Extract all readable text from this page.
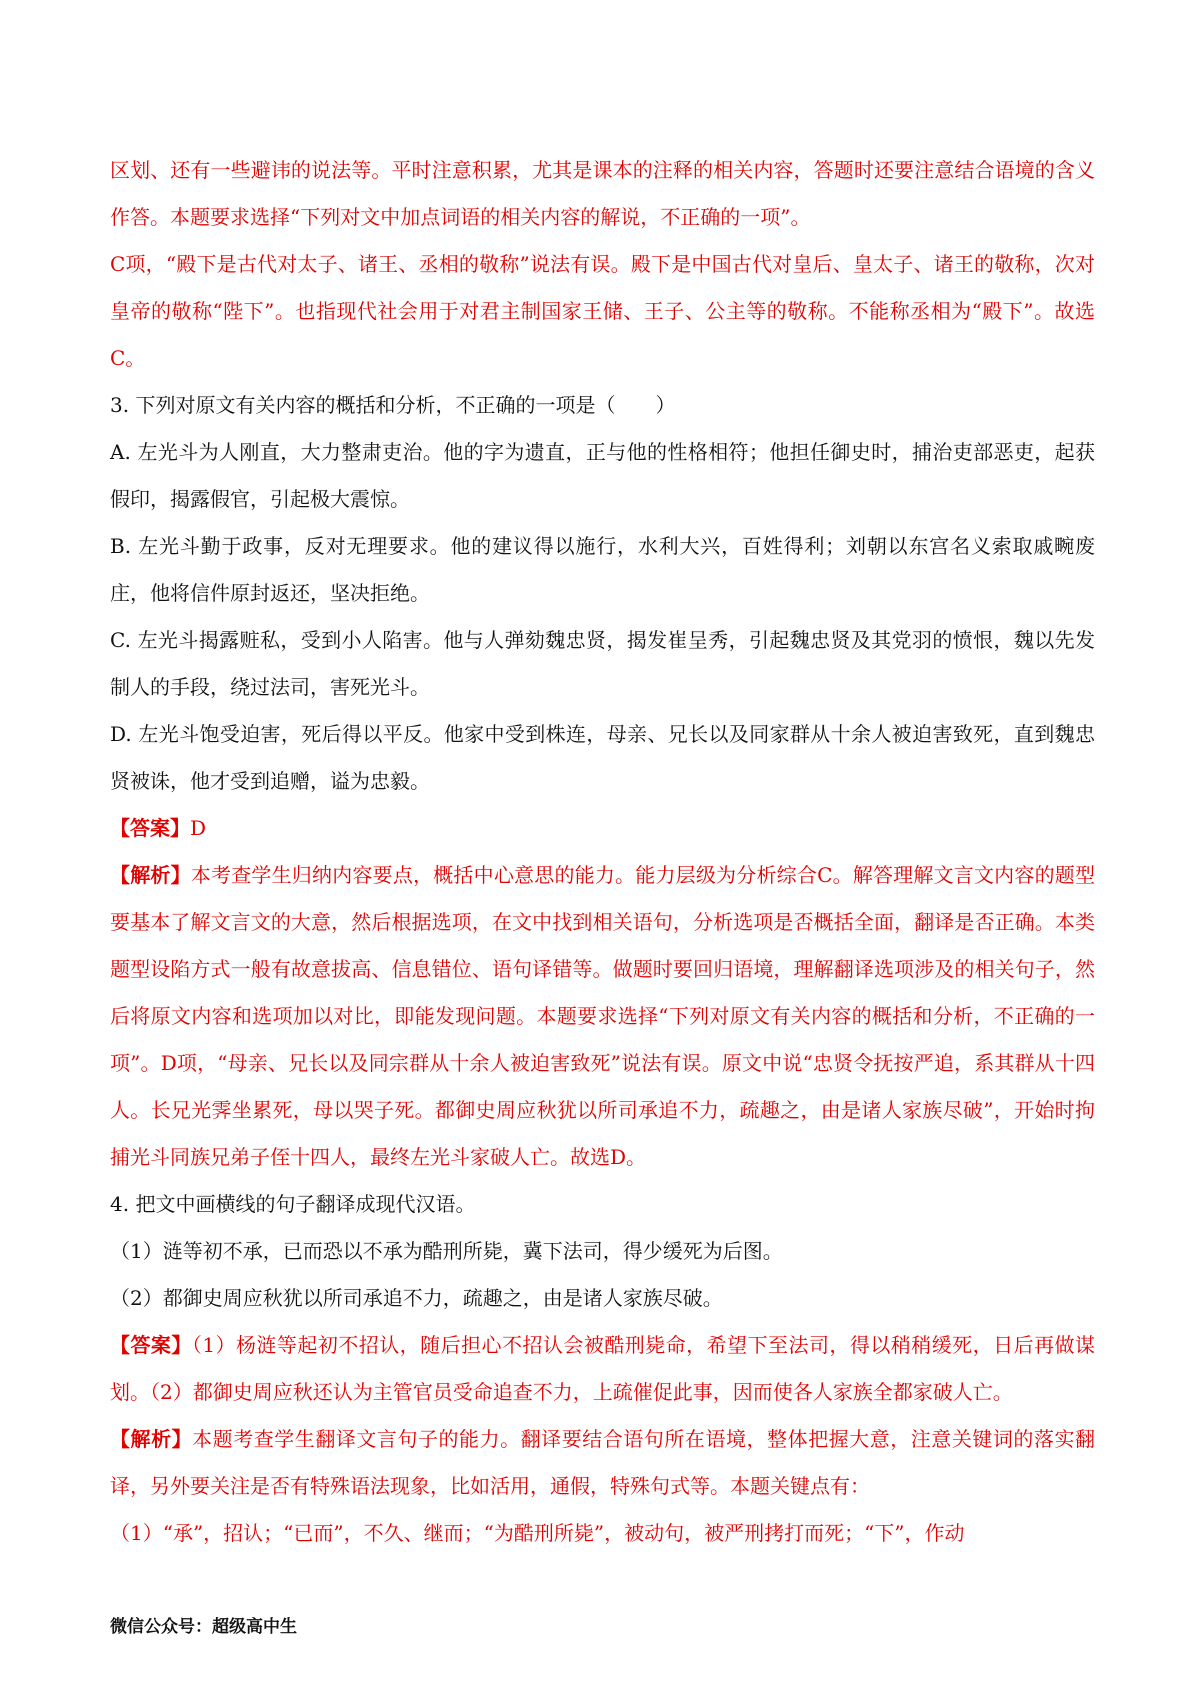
区划、还有一些避讳的说法等。平时注意积累，尤其是课本的注释的相关内容，答题时还要注意结合语境的含义作答。本题要求选择“下列对文中加点词语的相关内容的解说，不正确的一项”。

C项，“殿下是古代对太子、诸王、丞相的敬称”说法有误。殿下是中国古代对皇后、皇太子、诸王的敬称，次对皇帝的敬称“陛下”。也指现代社会用于对君主制国家王储、王子、公主等的敬称。不能称丞相为“殿下”。故选C。

3. 下列对原文有关内容的概括和分析，不正确的一项是（　　）

A. 左光斗为人刚直，大力整肃吏治。他的字为遗直，正与他的性格相符；他担任御史时，捕治吏部恶吏，起获假印，揭露假官，引起极大震惊。

B. 左光斗勤于政事，反对无理要求。他的建议得以施行，水利大兴，百姓得利；刘朝以东宫名义索取戚畹废庄，他将信件原封返还，坚决拒绝。

C. 左光斗揭露赃私，受到小人陷害。他与人弹劾魏忠贤，揭发崔呈秀，引起魏忠贤及其党羽的愤恨，魏以先发制人的手段，绕过法司，害死光斗。

D. 左光斗饱受迫害，死后得以平反。他家中受到株连，母亲、兄长以及同家群从十余人被迫害致死，直到魏忠贤被诛，他才受到追赠，谥为忠毅。

【答案】D

【解析】本考查学生归纳内容要点，概括中心意思的能力。能力层级为分析综合C。解答理解文言文内容的题型要基本了解文言文的大意，然后根据选项，在文中找到相关语句，分析选项是否概括全面，翻译是否正确。本类题型设陷方式一般有故意拔高、信息错位、语句译错等。做题时要回归语境，理解翻译选项涉及的相关句子，然后将原文内容和选项加以对比，即能发现问题。本题要求选择“下列对原文有关内容的概括和分析，不正确的一项”。D项，“母亲、兄长以及同宗群从十余人被迫害致死”说法有误。原文中说“忠贤令抚按严追，系其群从十四人。长兄光霁坐累死，母以哭子死。都御史周应秋犹以所司承追不力，疏趣之，由是诸人家族尽破”，开始时拘捕光斗同族兄弟子侄十四人，最终左光斗家破人亡。故选D。

4. 把文中画横线的句子翻译成现代汉语。

（1）涟等初不承，已而恐以不承为酷刑所毙，冀下法司，得少缓死为后图。

（2）都御史周应秋犹以所司承追不力，疏趣之，由是诸人家族尽破。

【答案】（1）杨涟等起初不招认，随后担心不招认会被酷刑毙命，希望下至法司，得以稍稍缓死，日后再做谋划。（2）都御史周应秋还认为主管官员受命追查不力，上疏催促此事，因而使各人家族全都家破人亡。

【解析】本题考查学生翻译文言句子的能力。翻译要结合语句所在语境，整体把握大意，注意关键词的落实翻译，另外要关注是否有特殊语法现象，比如活用，通假，特殊句式等。本题关键点有：

（1）“承”，招认；“已而”，不久、继而；“为酷刑所毙”，被动句，被严刑拷打而死；“下”，作动

微信公众号：超级高中生
